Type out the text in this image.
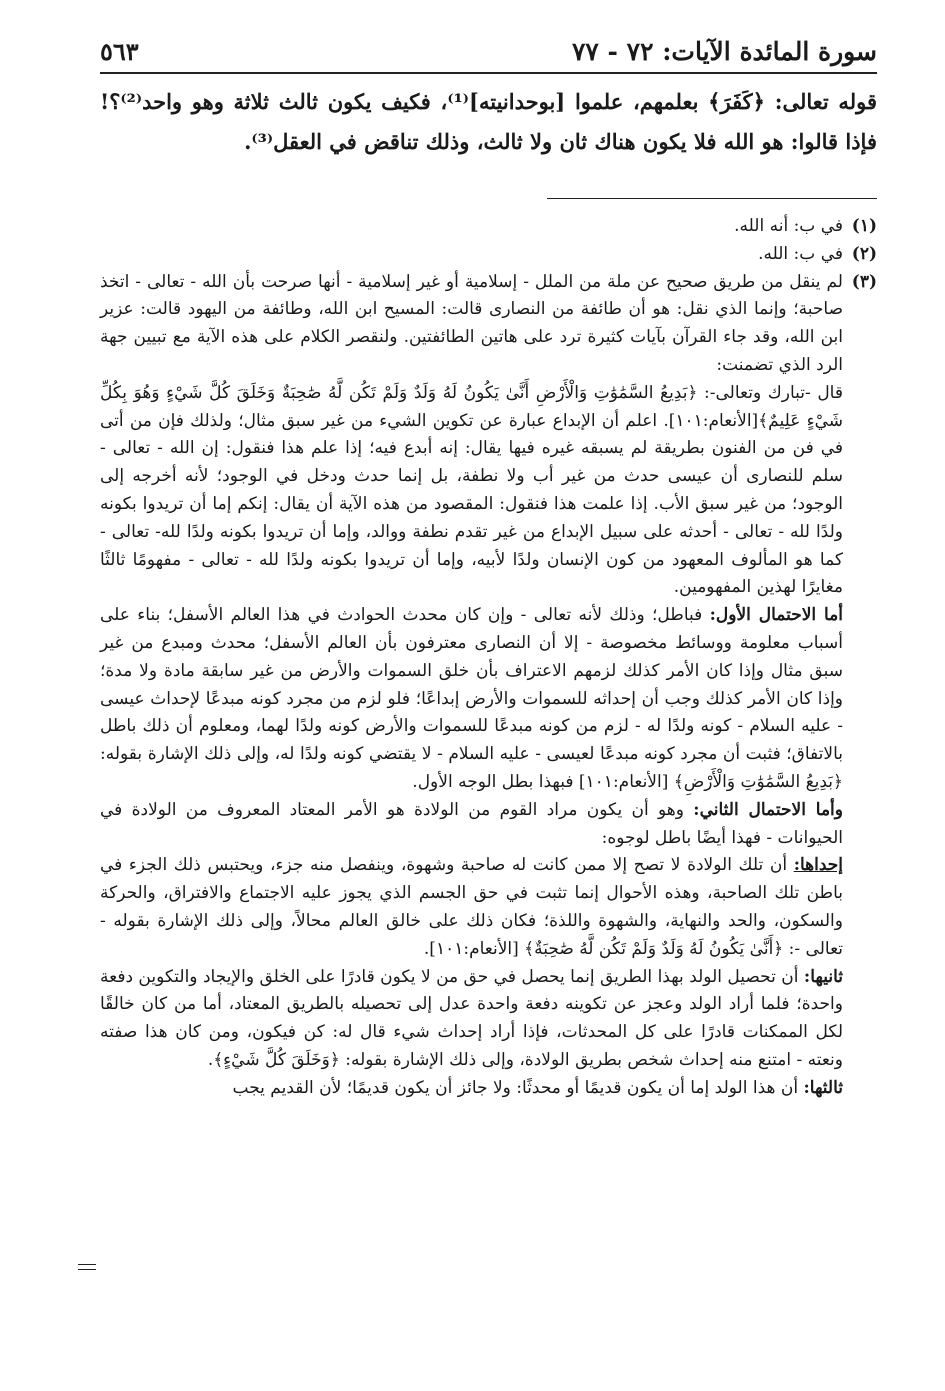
سورة المائدة الآيات: ٧٢ - ٧٧
٥٦٣

قوله تعالى: ﴿كَفَرَ﴾ بعلمهم، علموا [بوحدانيته]⁽¹⁾، فكيف يكون ثالث ثلاثة وهو واحد⁽²⁾؟! فإذا قالوا: هو الله فلا يكون هناك ثان ولا ثالث، وذلك تناقض في العقل⁽³⁾.

(١)
في ب: أنه الله.
(٢)
في ب: الله.
(٣)

لم ينقل من طريق صحيح عن ملة من الملل - إسلامية أو غير إسلامية - أنها صرحت بأن الله - تعالى - اتخذ صاحبة؛ وإنما الذي نقل: هو أن طائفة من النصارى قالت: المسيح ابن الله، وطائفة من اليهود قالت: عزير ابن الله، وقد جاء القرآن بآيات كثيرة ترد على هاتين الطائفتين. ولنقصر الكلام على هذه الآية مع تبيين جهة الرد الذي تضمنت:

قال -تبارك وتعالى-: ﴿بَدِيعُ السَّمَٰوَٰتِ وَالْأَرْضِ أَنَّىٰ يَكُونُ لَهُ وَلَدٌ وَلَمْ تَكُن لَّهُ صَٰحِبَةٌ وَخَلَقَ كُلَّ شَيْءٍ وَهُوَ بِكُلِّ شَيْءٍ عَلِيمٌ﴾[الأنعام:١٠١]. اعلم أن الإبداع عبارة عن تكوين الشيء من غير سبق مثال؛ ولذلك فإن من أتى في فن من الفنون بطريقة لم يسبقه غيره فيها يقال: إنه أبدع فيه؛ إذا علم هذا فنقول: إن الله - تعالى - سلم للنصارى أن عيسى حدث من غير أب ولا نطفة، بل إنما حدث ودخل في الوجود؛ لأنه أخرجه إلى الوجود؛ من غير سبق الأب. إذا علمت هذا فنقول: المقصود من هذه الآية أن يقال: إنكم إما أن تريدوا بكونه ولدًا لله - تعالى - أحدثه على سبيل الإبداع من غير تقدم نطفة ووالد، وإما أن تريدوا بكونه ولدًا لله- تعالى - كما هو المألوف المعهود من كون الإنسان ولدًا لأبيه، وإما أن تريدوا بكونه ولدًا لله - تعالى - مفهومًا ثالثًا مغايرًا لهذين المفهومين.

أما الاحتمال الأول: فباطل؛ وذلك لأنه تعالى - وإن كان محدث الحوادث في هذا العالم الأسفل؛ بناء على أسباب معلومة ووسائط مخصوصة - إلا أن النصارى معترفون بأن العالم الأسفل؛ محدث ومبدع من غير سبق مثال وإذا كان الأمر كذلك لزمهم الاعتراف بأن خلق السموات والأرض من غير سابقة مادة ولا مدة؛ وإذا كان الأمر كذلك وجب أن إحداثه للسموات والأرض إبداعًا؛ فلو لزم من مجرد كونه مبدعًا لإحداث عيسى - عليه السلام - كونه ولدًا له - لزم من كونه مبدعًا للسموات والأرض كونه ولدًا لهما، ومعلوم أن ذلك باطل بالاتفاق؛ فثبت أن مجرد كونه مبدعًا لعيسى - عليه السلام - لا يقتضي كونه ولدًا له، وإلى ذلك الإشارة بقوله: ﴿بَدِيعُ السَّمَٰوَٰتِ وَالْأَرْضِ﴾ [الأنعام:١٠١] فبهذا بطل الوجه الأول.

وأما الاحتمال الثاني: وهو أن يكون مراد القوم من الولادة هو الأمر المعتاد المعروف من الولادة في الحيوانات - فهذا أيضًا باطل لوجوه:

إحداها: أن تلك الولادة لا تصح إلا ممن كانت له صاحبة وشهوة، وينفصل منه جزء، ويحتبس ذلك الجزء في باطن تلك الصاحبة، وهذه الأحوال إنما تثبت في حق الجسم الذي يجوز عليه الاجتماع والافتراق، والحركة والسكون، والحد والنهاية، والشهوة واللذة؛ فكان ذلك على خالق العالم محالاً، وإلى ذلك الإشارة بقوله - تعالى -: ﴿أَنَّىٰ يَكُونُ لَهُ وَلَدٌ وَلَمْ تَكُن لَّهُ صَٰحِبَةٌ﴾ [الأنعام:١٠١].

ثانيها: أن تحصيل الولد بهذا الطريق إنما يحصل في حق من لا يكون قادرًا على الخلق والإيجاد والتكوين دفعة واحدة؛ فلما أراد الولد وعجز عن تكوينه دفعة واحدة عدل إلى تحصيله بالطريق المعتاد، أما من كان خالقًا لكل الممكنات قادرًا على كل المحدثات، فإذا أراد إحداث شيء قال له: كن فيكون، ومن كان هذا صفته ونعته - امتنع منه إحداث شخص بطريق الولادة، وإلى ذلك الإشارة بقوله: ﴿وَخَلَقَ كُلَّ شَيْءٍ﴾.

ثالثها: أن هذا الولد إما أن يكون قديمًا أو محدثًا: ولا جائز أن يكون قديمًا؛ لأن القديم يجب
